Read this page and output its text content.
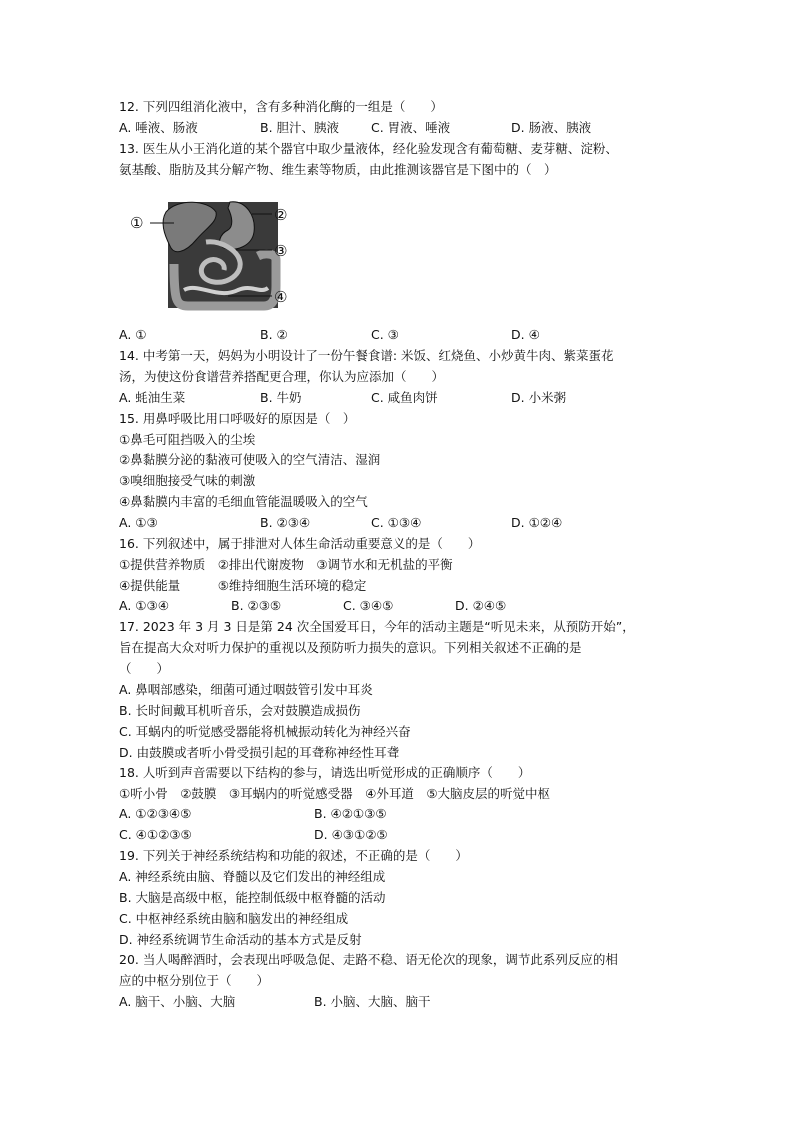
12. 下列四组消化液中，含有多种消化酶的一组是（　　）
A. 唾液、肠液	B. 胆汁、胰液	C. 胃液、唾液	D. 肠液、胰液
13. 医生从小王消化道的某个器官中取少量液体，经化验发现含有葡萄糖、麦芽糖、淀粉、
氨基酸、脂肪及其分解产物、维生素等物质，由此推测该器官是下图中的（　）
①	②
③
④
A. ①	B. ②	C. ③	D. ④
14. 中考第一天，妈妈为小明设计了一份午餐食谱: 米饭、红烧鱼、小炒黄牛肉、紫菜蛋花
汤，为使这份食谱营养搭配更合理，你认为应添加（　　）
A. 蚝油生菜	B. 牛奶	C. 咸鱼肉饼	D. 小米粥
15. 用鼻呼吸比用口呼吸好的原因是（　）
①鼻毛可阻挡吸入的尘埃
②鼻黏膜分泌的黏液可使吸入的空气清洁、湿润
③嗅细胞接受气味的刺激
④鼻黏膜内丰富的毛细血管能温暖吸入的空气
A. ①③	B. ②③④	C. ①③④	D. ①②④
16. 下列叙述中，属于排泄对人体生命活动重要意义的是（　　）
①提供营养物质　②排出代谢废物　③调节水和无机盐的平衡
④提供能量　　　⑤维持细胞生活环境的稳定
A. ①③④	B. ②③⑤	C. ③④⑤	D. ②④⑤
17. 2023 年 3 月 3 日是第 24 次全国爱耳日，今年的活动主题是“听见未来，从预防开始”，
旨在提高大众对听力保护的重视以及预防听力损失的意识。下列相关叙述不正确的是
（　　）
A. 鼻咽部感染，细菌可通过咽鼓管引发中耳炎
B. 长时间戴耳机听音乐，会对鼓膜造成损伤
C. 耳蜗内的听觉感受器能将机械振动转化为神经兴奋
D. 由鼓膜或者听小骨受损引起的耳聋称神经性耳聋
18. 人听到声音需要以下结构的参与，请选出听觉形成的正确顺序（　　）
①听小骨　②鼓膜　③耳蜗内的听觉感受器　④外耳道　⑤大脑皮层的听觉中枢
A. ①②③④⑤	B. ④②①③⑤
C. ④①②③⑤	D. ④③①②⑤
19. 下列关于神经系统结构和功能的叙述，不正确的是（　　）
A. 神经系统由脑、脊髓以及它们发出的神经组成
B. 大脑是高级中枢，能控制低级中枢脊髓的活动
C. 中枢神经系统由脑和脑发出的神经组成
D. 神经系统调节生命活动的基本方式是反射
20. 当人喝醉酒时，会表现出呼吸急促、走路不稳、语无伦次的现象，调节此系列反应的相
应的中枢分别位于（　　）
A. 脑干、小脑、大脑	B. 小脑、大脑、脑干
